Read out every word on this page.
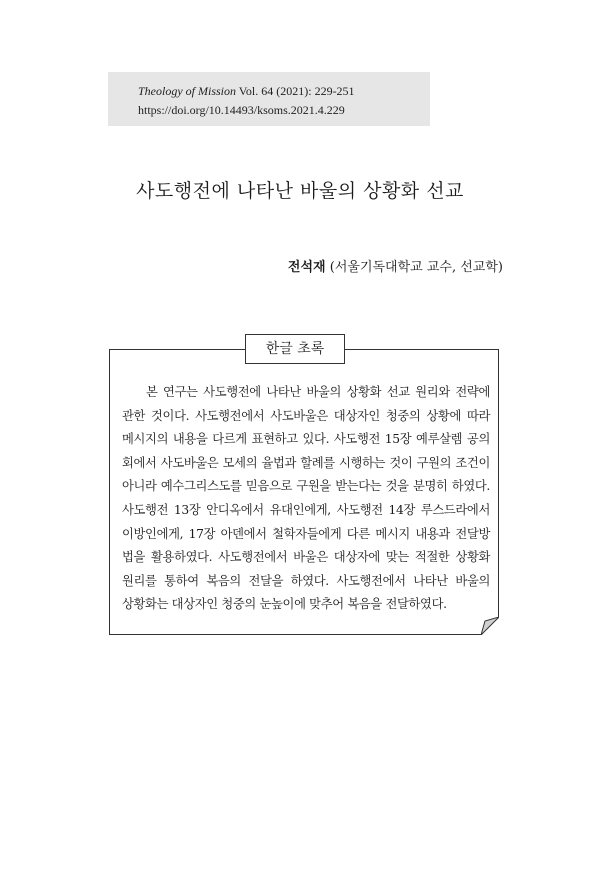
Theology of Mission Vol. 64 (2021): 229-251
https://doi.org/10.14493/ksoms.2021.4.229
사도행전에 나타난 바울의 상황화 선교
전석재 (서울기독대학교 교수, 선교학)
한글 초록
본 연구는 사도행전에 나타난 바울의 상황화 선교 원리와 전략에
관한 것이다. 사도행전에서 사도바울은 대상자인 청중의 상황에 따라
메시지의 내용을 다르게 표현하고 있다. 사도행전 15장 예루살렘 공의
회에서 사도바울은 모세의 율법과 할례를 시행하는 것이 구원의 조건이
아니라 예수그리스도를 믿음으로 구원을 받는다는 것을 분명히 하였다.
사도행전 13장 안디옥에서 유대인에게, 사도행전 14장 루스드라에서
이방인에게, 17장 아덴에서 철학자들에게 다른 메시지 내용과 전달방
법을 활용하였다. 사도행전에서 바울은 대상자에 맞는 적절한 상황화
원리를 통하여 복음의 전달을 하였다. 사도행전에서 나타난 바울의
상황화는 대상자인 청중의 눈높이에 맞추어 복음을 전달하였다.
